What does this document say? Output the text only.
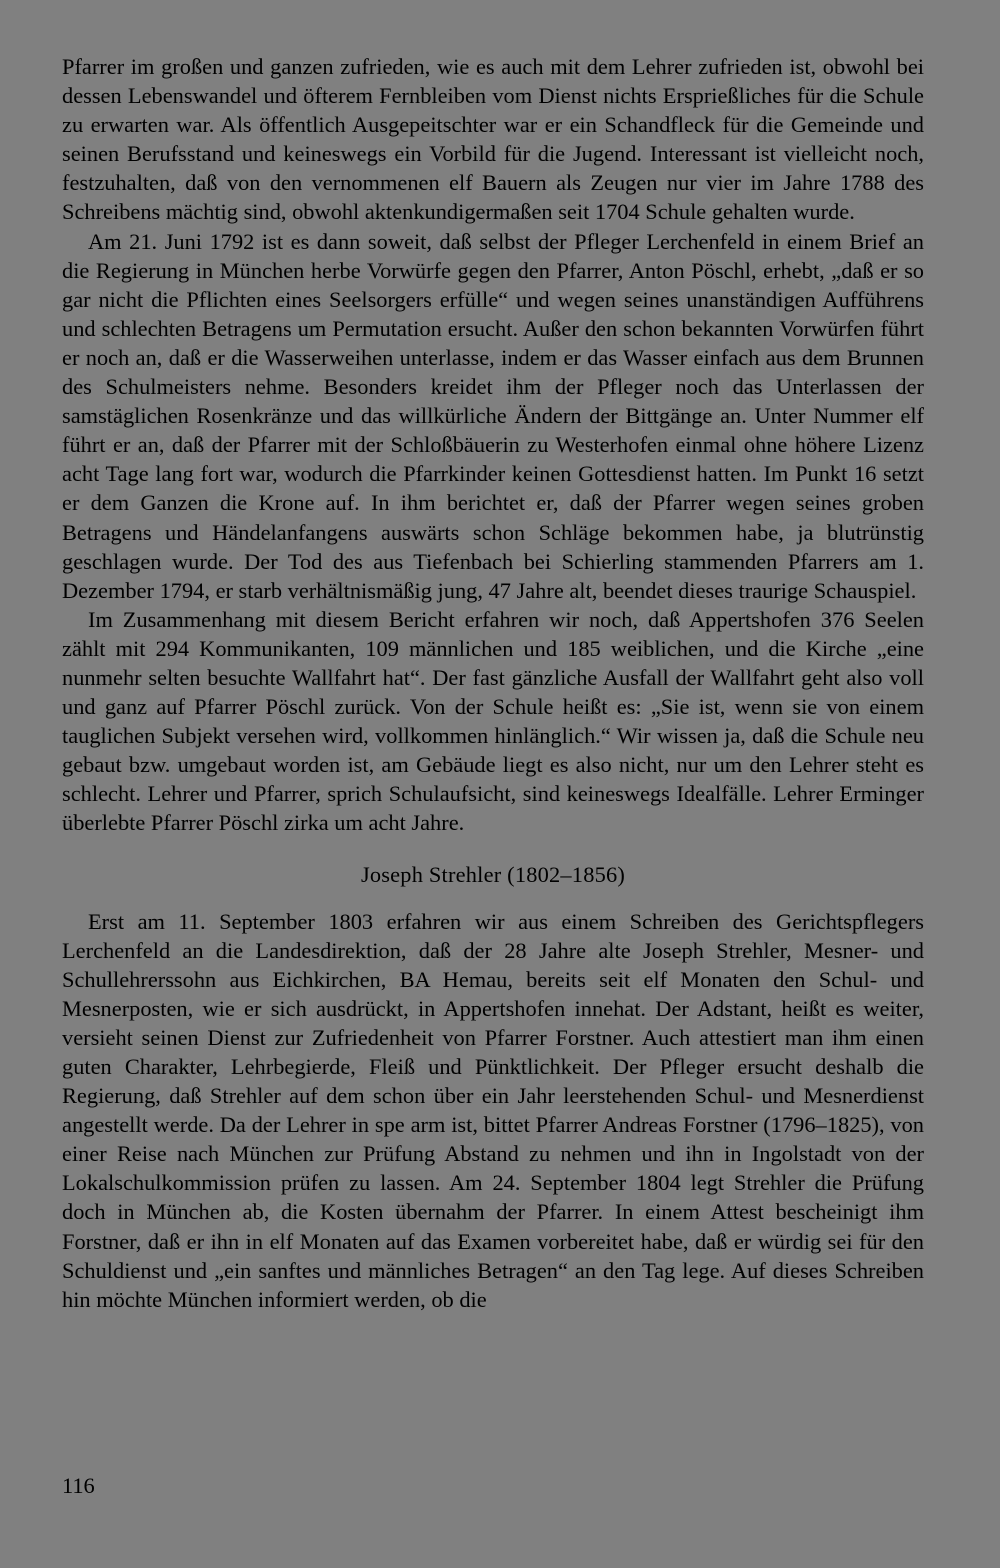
Pfarrer im großen und ganzen zufrieden, wie es auch mit dem Lehrer zufrieden ist, obwohl bei dessen Lebenswandel und öfterem Fernbleiben vom Dienst nichts Ersprießliches für die Schule zu erwarten war. Als öffentlich Ausgepeitschter war er ein Schandfleck für die Gemeinde und seinen Berufsstand und keineswegs ein Vorbild für die Jugend. Interessant ist vielleicht noch, festzuhalten, daß von den vernommenen elf Bauern als Zeugen nur vier im Jahre 1788 des Schreibens mächtig sind, obwohl aktenkundigermaßen seit 1704 Schule gehalten wurde.

Am 21. Juni 1792 ist es dann soweit, daß selbst der Pfleger Lerchenfeld in einem Brief an die Regierung in München herbe Vorwürfe gegen den Pfarrer, Anton Pöschl, erhebt, „daß er so gar nicht die Pflichten eines Seelsorgers erfülle“ und wegen seines unanständigen Aufführens und schlechten Betragens um Permutation ersucht. Außer den schon bekannten Vorwürfen führt er noch an, daß er die Wasserweihen unterlasse, indem er das Wasser einfach aus dem Brunnen des Schulmeisters nehme. Besonders kreidet ihm der Pfleger noch das Unterlassen der samstäglichen Rosenkränze und das willkürliche Ändern der Bittgänge an. Unter Nummer elf führt er an, daß der Pfarrer mit der Schloßbäuerin zu Westerhofen einmal ohne höhere Lizenz acht Tage lang fort war, wodurch die Pfarrkinder keinen Gottesdienst hatten. Im Punkt 16 setzt er dem Ganzen die Krone auf. In ihm berichtet er, daß der Pfarrer wegen seines groben Betragens und Händelanfangens auswärts schon Schläge bekommen habe, ja blutrünstig geschlagen wurde. Der Tod des aus Tiefenbach bei Schierling stammenden Pfarrers am 1. Dezember 1794, er starb verhältnismäßig jung, 47 Jahre alt, beendet dieses traurige Schauspiel.

Im Zusammenhang mit diesem Bericht erfahren wir noch, daß Appertshofen 376 Seelen zählt mit 294 Kommunikanten, 109 männlichen und 185 weiblichen, und die Kirche „eine nunmehr selten besuchte Wallfahrt hat“. Der fast gänzliche Ausfall der Wallfahrt geht also voll und ganz auf Pfarrer Pöschl zurück. Von der Schule heißt es: „Sie ist, wenn sie von einem tauglichen Subjekt versehen wird, vollkommen hinlänglich.“ Wir wissen ja, daß die Schule neu gebaut bzw. umgebaut worden ist, am Gebäude liegt es also nicht, nur um den Lehrer steht es schlecht. Lehrer und Pfarrer, sprich Schulaufsicht, sind keineswegs Idealfälle. Lehrer Erminger überlebte Pfarrer Pöschl zirka um acht Jahre.

Joseph Strehler (1802–1856)

Erst am 11. September 1803 erfahren wir aus einem Schreiben des Gerichtspflegers Lerchenfeld an die Landesdirektion, daß der 28 Jahre alte Joseph Strehler, Mesner- und Schullehrerssohn aus Eichkirchen, BA Hemau, bereits seit elf Monaten den Schul- und Mesnerposten, wie er sich ausdrückt, in Appertshofen innehat. Der Adstant, heißt es weiter, versieht seinen Dienst zur Zufriedenheit von Pfarrer Forstner. Auch attestiert man ihm einen guten Charakter, Lehrbegierde, Fleiß und Pünktlichkeit. Der Pfleger ersucht deshalb die Regierung, daß Strehler auf dem schon über ein Jahr leerstehenden Schul- und Mesnerdienst angestellt werde. Da der Lehrer in spe arm ist, bittet Pfarrer Andreas Forstner (1796–1825), von einer Reise nach München zur Prüfung Abstand zu nehmen und ihn in Ingolstadt von der Lokalschulkommission prüfen zu lassen. Am 24. September 1804 legt Strehler die Prüfung doch in München ab, die Kosten übernahm der Pfarrer. In einem Attest bescheinigt ihm Forstner, daß er ihn in elf Monaten auf das Examen vorbereitet habe, daß er würdig sei für den Schuldienst und „ein sanftes und männliches Betragen“ an den Tag lege. Auf dieses Schreiben hin möchte München informiert werden, ob die

116
